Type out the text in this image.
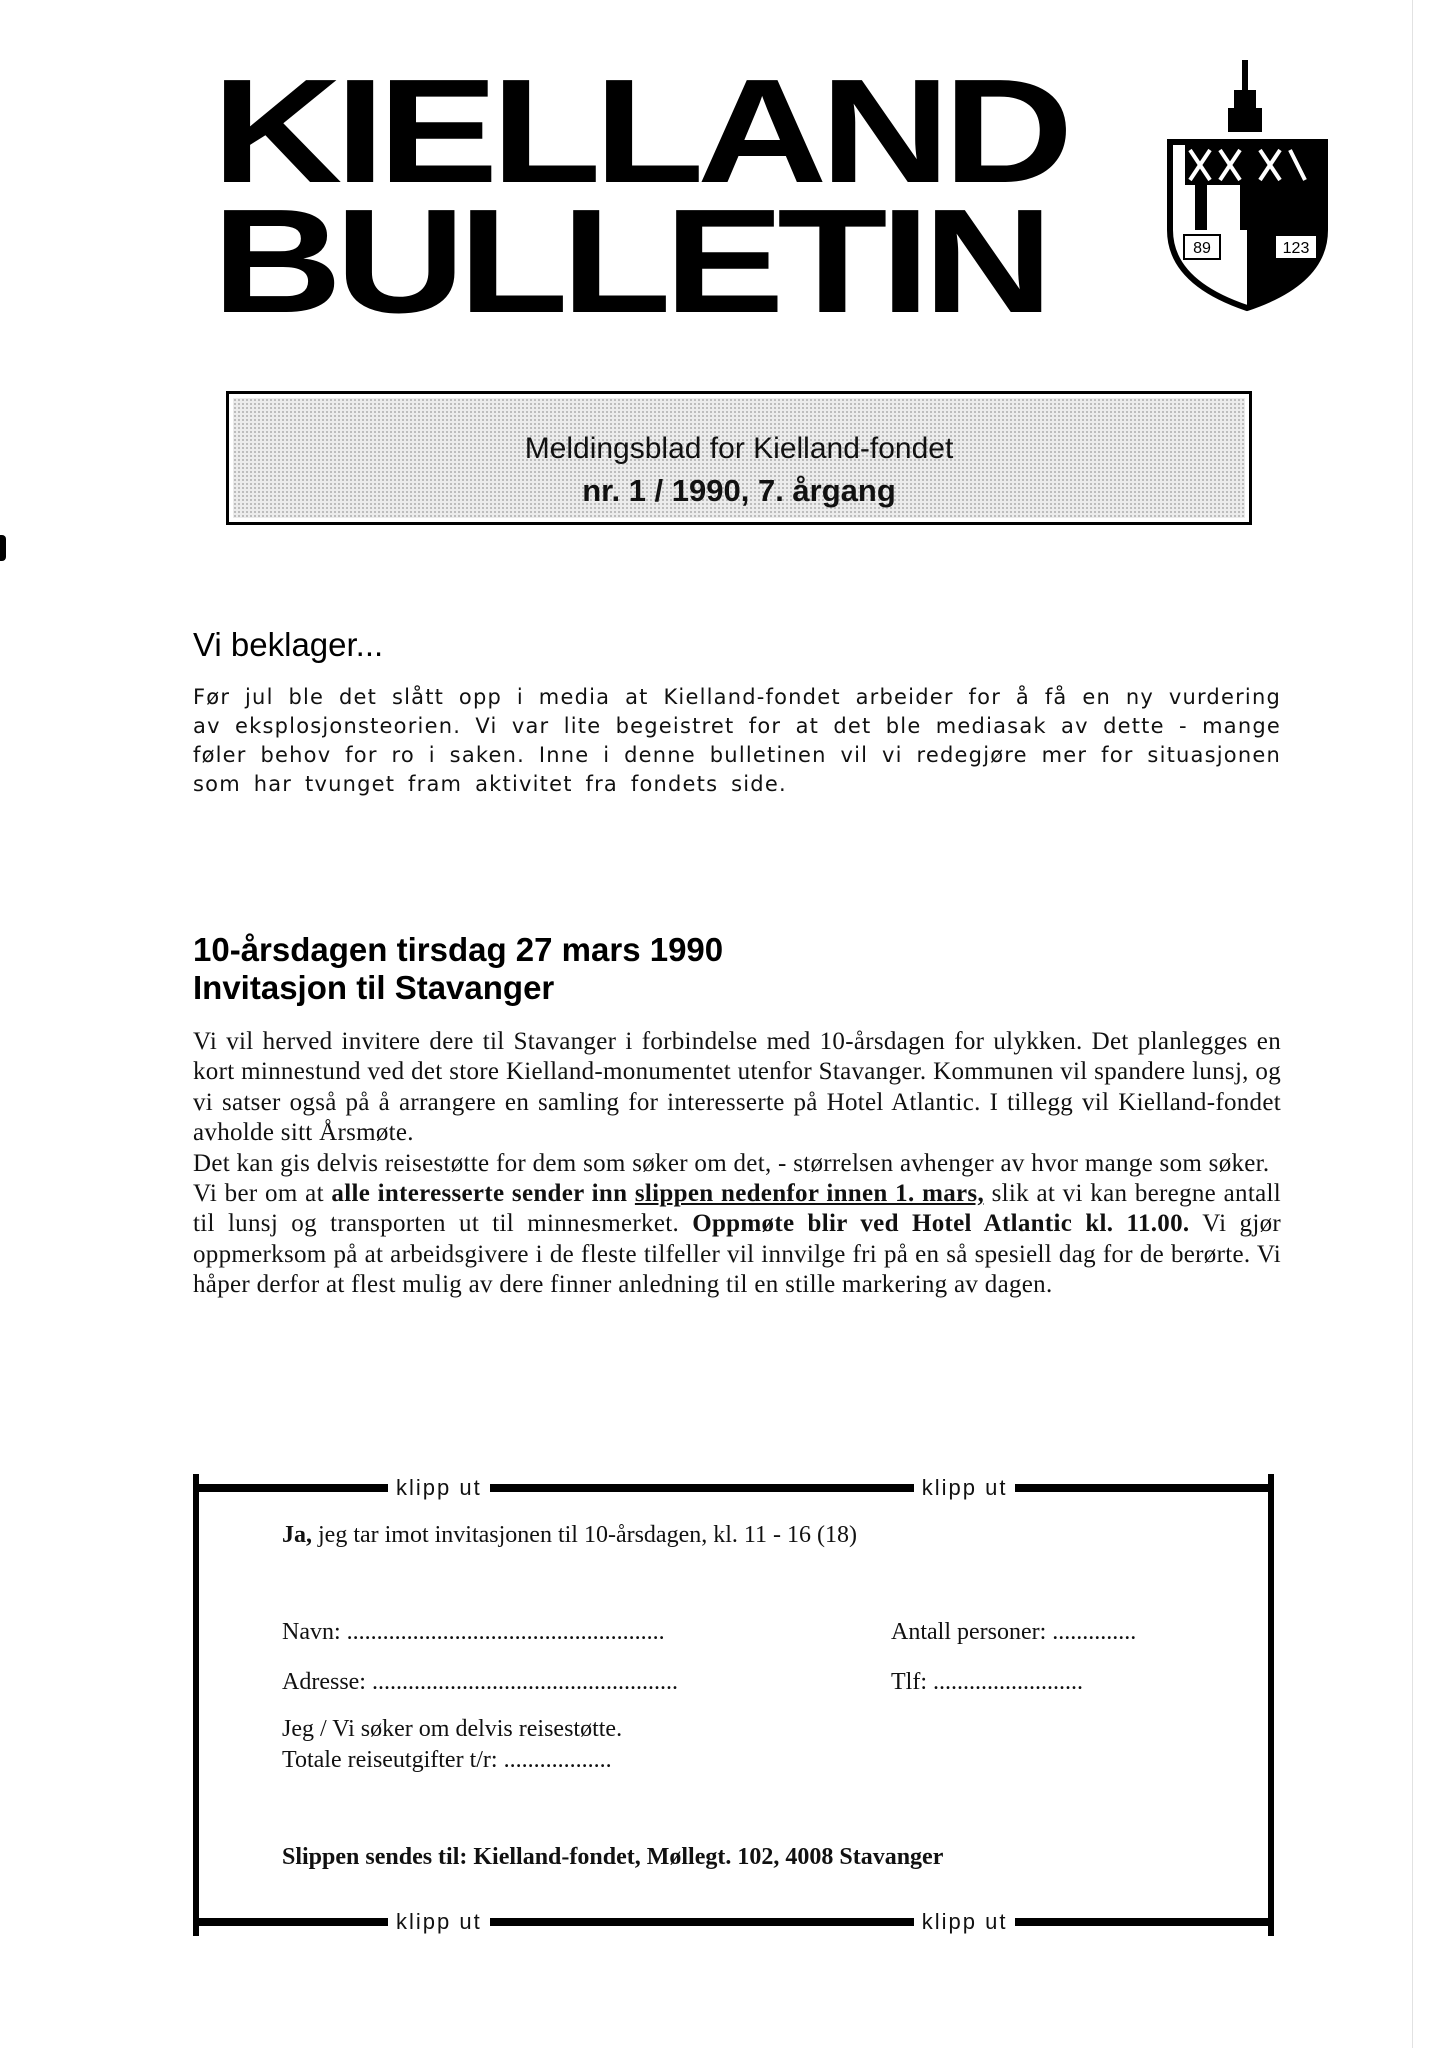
KIELLAND
BULLETIN	89	123
Meldingsblad for Kielland-fondet
nr. 1 / 1990, 7. årgang
Vi beklager...
Før jul ble det slått opp i media at Kielland-fondet arbeider for å få en ny vurdering av eksplosjonsteorien. Vi var lite begeistret for at det ble mediasak av dette - mange føler behov for ro i saken. Inne i denne bulletinen vil vi redegjøre mer for situasjonen som har tvunget fram aktivitet fra fondets side.
10-årsdagen tirsdag 27 mars 1990
Invitasjon til Stavanger
Vi vil herved invitere dere til Stavanger i forbindelse med 10-årsdagen for ulykken. Det planlegges en kort minnestund ved det store Kielland-monumentet utenfor Stavanger. Kommunen vil spandere lunsj, og vi satser også på å arrangere en samling for interesserte på Hotel Atlantic. I tillegg vil Kielland-fondet avholde sitt Årsmøte.
Det kan gis delvis reisestøtte for dem som søker om det, - størrelsen avhenger av hvor mange som søker.
Vi ber om at alle interesserte sender inn slippen nedenfor innen 1. mars, slik at vi kan beregne antall til lunsj og transporten ut til minnesmerket. Oppmøte blir ved Hotel Atlantic kl. 11.00. Vi gjør oppmerksom på at arbeidsgivere i de fleste tilfeller vil innvilge fri på en så spesiell dag for de berørte. Vi håper derfor at flest mulig av dere finner anledning til en stille markering av dagen.
klipp ut	klipp ut
Ja, jeg tar imot invitasjonen til 10-årsdagen, kl. 11 - 16 (18)
Navn: .....................................................	Antall personer: ..............
Adresse: ...................................................	Tlf: .........................
Jeg / Vi søker om delvis reisestøtte.
Totale reiseutgifter t/r: ..................
Slippen sendes til: Kielland-fondet, Møllegt. 102, 4008 Stavanger
klipp ut	klipp ut
